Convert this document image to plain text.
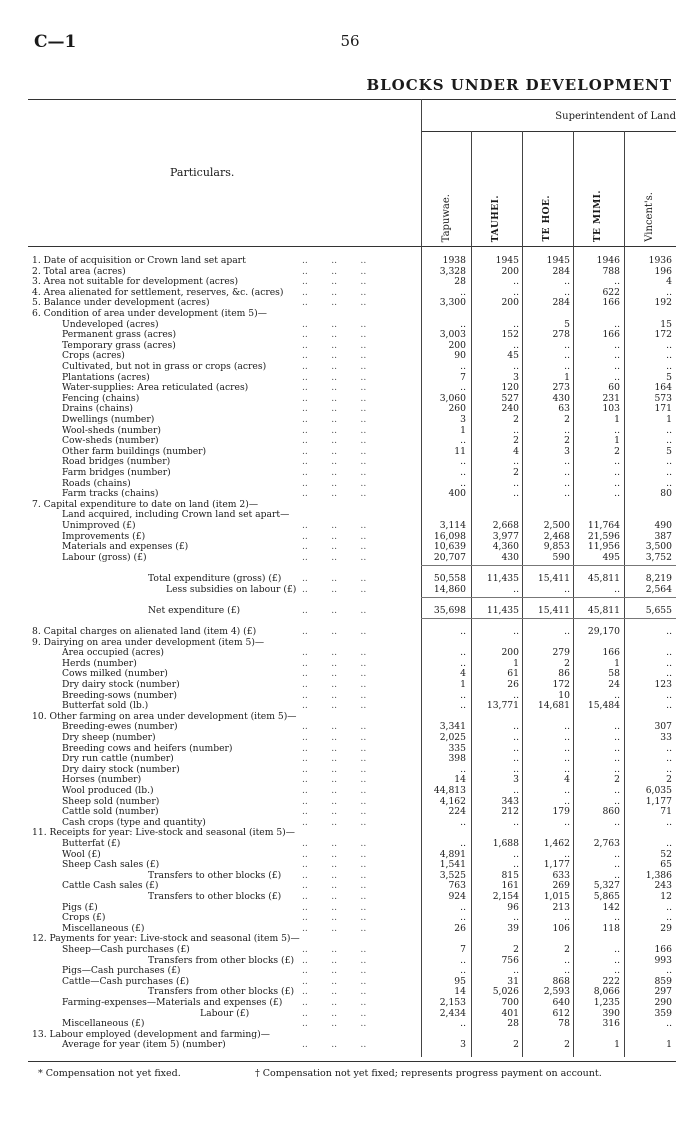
C—1	56
BLOCKS UNDER DEVELOPMENT
Superintendent of Land
Particulars.
Tapuwae.	TAUHEI.	TE HOE.	TE MIMI.	Vincent's.
1. Date of acquisition or Crown land set apart	..        ..        ..	1938	1945	1945	1946	1936
2. Total area (acres)	..        ..        ..	3,328	200	284	788	196
3. Area not suitable for development (acres)	..        ..        ..	28	..	..	..	4
4. Area alienated for settlement, reserves, &c. (acres) ..        ..        ..	..	..	..	622	..
5. Balance under development (acres)	..        ..        ..	3,300	200	284	166	192
6. Condition of area under development (item 5)—
Undeveloped (acres)	..        ..        ..	..	..	5	..	15
Permanent grass (acres)	..        ..        ..	3,003	152	278	166	172
Temporary grass (acres)	..        ..        ..	200	..	..	..	..
Crops (acres)	..        ..        ..	90	45	..	..	..
Cultivated, but not in grass or crops (acres)	..        ..        ..	..	..	..	..	..
Plantations (acres)	..        ..        ..	7	3	1	..	5
Water-supplies: Area reticulated (acres)	..        ..        ..	..	120	273	60	164
Fencing (chains)	..        ..        ..	3,060	527	430	231	573
Drains (chains)	..        ..        ..	260	240	63	103	171
Dwellings (number)	..        ..        ..	3	2	2	1	1
Wool-sheds (number)	..        ..        ..	1	..	..	..	..
Cow-sheds (number)	..        ..        ..	..	2	2	1	..
Other farm buildings (number)	..        ..        ..	11	4	3	2	5
Road bridges (number)	..        ..        ..	..	..	..	..	..
Farm bridges (number)	..        ..        ..	..	2	..	..	..
Roads (chains)	..        ..        ..	..	..	..	..	..
Farm tracks (chains)	..        ..        ..	400	..	..	..	80
7. Capital expenditure to date on land (item 2)—
Land acquired, including Crown land set apart—
Unimproved (£)	..        ..        ..	3,114	2,668	2,500	11,764	490
Improvements (£)	..        ..        ..	16,098	3,977	2,468	21,596	387
Materials and expenses (£)	..        ..        ..	10,639	4,360	9,853	11,956	3,500
Labour (gross) (£)	..        ..        ..	20,707	430	590	495	3,752
Total expenditure (gross) (£) ..        ..        ..	50,558	11,435	15,411	45,811	8,219
Less subsidies on labour (£) ..        ..        ..	14,860	..	..	..	2,564
Net expenditure (£)	..        ..        ..	35,698	11,435	15,411	45,811	5,655
8. Capital charges on alienated land (item 4) (£)	..        ..        ..	..	..	..	29,170	..
9. Dairying on area under development (item 5)—
Area occupied (acres)	..        ..        ..	..	200	279	166	..
Herds (number)	..        ..        ..	..	1	2	1	..
Cows milked (number)	..        ..        ..	4	61	86	58	..
Dry dairy stock (number)	..        ..        ..	1	26	172	24	123
Breeding-sows (number)	..        ..        ..	..	..	10	..	..
Butterfat sold (lb.)	..        ..        ..	..	13,771	14,681	15,484	..
10. Other farming on area under development (item 5)—
Breeding-ewes (number)	..        ..        ..	3,341	..	..	..	307
Dry sheep (number)	..        ..        ..	2,025	..	..	..	33
Breeding cows and heifers (number)	..        ..        ..	335	..	..	..	..
Dry run cattle (number)	..        ..        ..	398	..	..	..	..
Dry dairy stock (number)	..        ..        ..	..	..	..	..	..
Horses (number)	..        ..        ..	14	3	4	2	2
Wool produced (lb.)	..        ..        ..	44,813	..	..	..	6,035
Sheep sold (number)	..        ..        ..	4,162	343	..	..	1,177
Cattle sold (number)	..        ..        ..	224	212	179	860	71
Cash crops (type and quantity)	..        ..        ..	..	..	..	..	..
11. Receipts for year: Live-stock and seasonal (item 5)—
Butterfat (£)	..        ..        ..	..	1,688	1,462	2,763	..
Wool (£)	..        ..        ..	4,891	..	..	..	52
Sheep Cash sales (£)	..        ..        ..	1,541	..	1,177	..	65
Transfers to other blocks (£) ..        ..        ..	3,525	815	633	..	1,386
Cattle Cash sales (£)	..        ..        ..	763	161	269	5,327	243
Transfers to other blocks (£) ..        ..        ..	924	2,154	1,015	5,865	12
Pigs (£)	..        ..        ..	..	96	213	142	..
Crops (£)	..        ..        ..	..	..	..	..	..
Miscellaneous (£)	..        ..        ..	26	39	106	118	29
12. Payments for year: Live-stock and seasonal (item 5)—
Sheep—Cash purchases (£)	..        ..        ..	7	2	2	..	166
Transfers from other blocks (£) ..        ..        ..	..	756	..	..	993
Pigs—Cash purchases (£)	..        ..        ..	..	..	..	..	..
Cattle—Cash purchases (£)	..        ..        ..	95	31	868	222	859
Transfers from other blocks (£) ..        ..        ..	14	5,026	2,593	8,066	297
Farming-expenses—Materials and expenses (£) ..        ..        ..	2,153	700	640	1,235	290
Labour (£)	..        ..        ..	2,434	401	612	390	359
Miscellaneous (£)	..        ..        ..	..	28	78	316	..
13. Labour employed (development and farming)—
Average for year (item 5) (number)	..        ..        ..	3	2	2	1	1
* Compensation not yet fixed.	† Compensation not yet fixed; represents progress payment on account.
